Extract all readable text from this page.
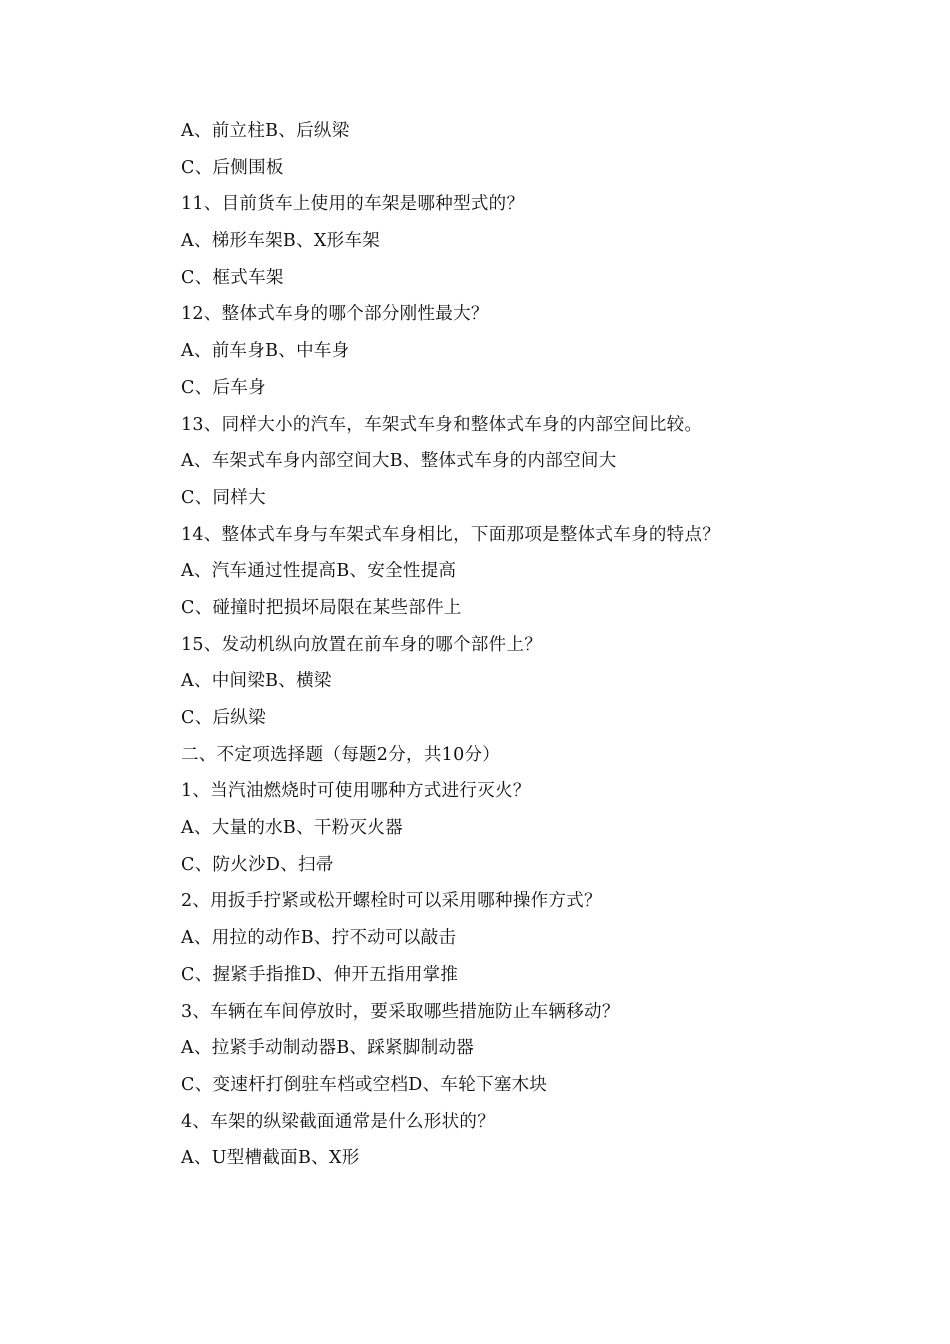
A、前立柱B、后纵梁
C、后侧围板
11、目前货车上使用的车架是哪种型式的？
A、梯形车架B、X形车架
C、框式车架
12、整体式车身的哪个部分刚性最大？
A、前车身B、中车身
C、后车身
13、同样大小的汽车，车架式车身和整体式车身的内部空间比较。
A、车架式车身内部空间大B、整体式车身的内部空间大
C、同样大
14、整体式车身与车架式车身相比，下面那项是整体式车身的特点？
A、汽车通过性提高B、安全性提高
C、碰撞时把损坏局限在某些部件上
15、发动机纵向放置在前车身的哪个部件上？
A、中间梁B、横梁
C、后纵梁
二、不定项选择题（每题2分，共10分）
1、当汽油燃烧时可使用哪种方式进行灭火？
A、大量的水B、干粉灭火器
C、防火沙D、扫帚
2、用扳手拧紧或松开螺栓时可以采用哪种操作方式？
A、用拉的动作B、拧不动可以敲击
C、握紧手指推D、伸开五指用掌推
3、车辆在车间停放时，要采取哪些措施防止车辆移动？
A、拉紧手动制动器B、踩紧脚制动器
C、变速杆打倒驻车档或空档D、车轮下塞木块
4、车架的纵梁截面通常是什么形状的？
A、U型槽截面B、X形
